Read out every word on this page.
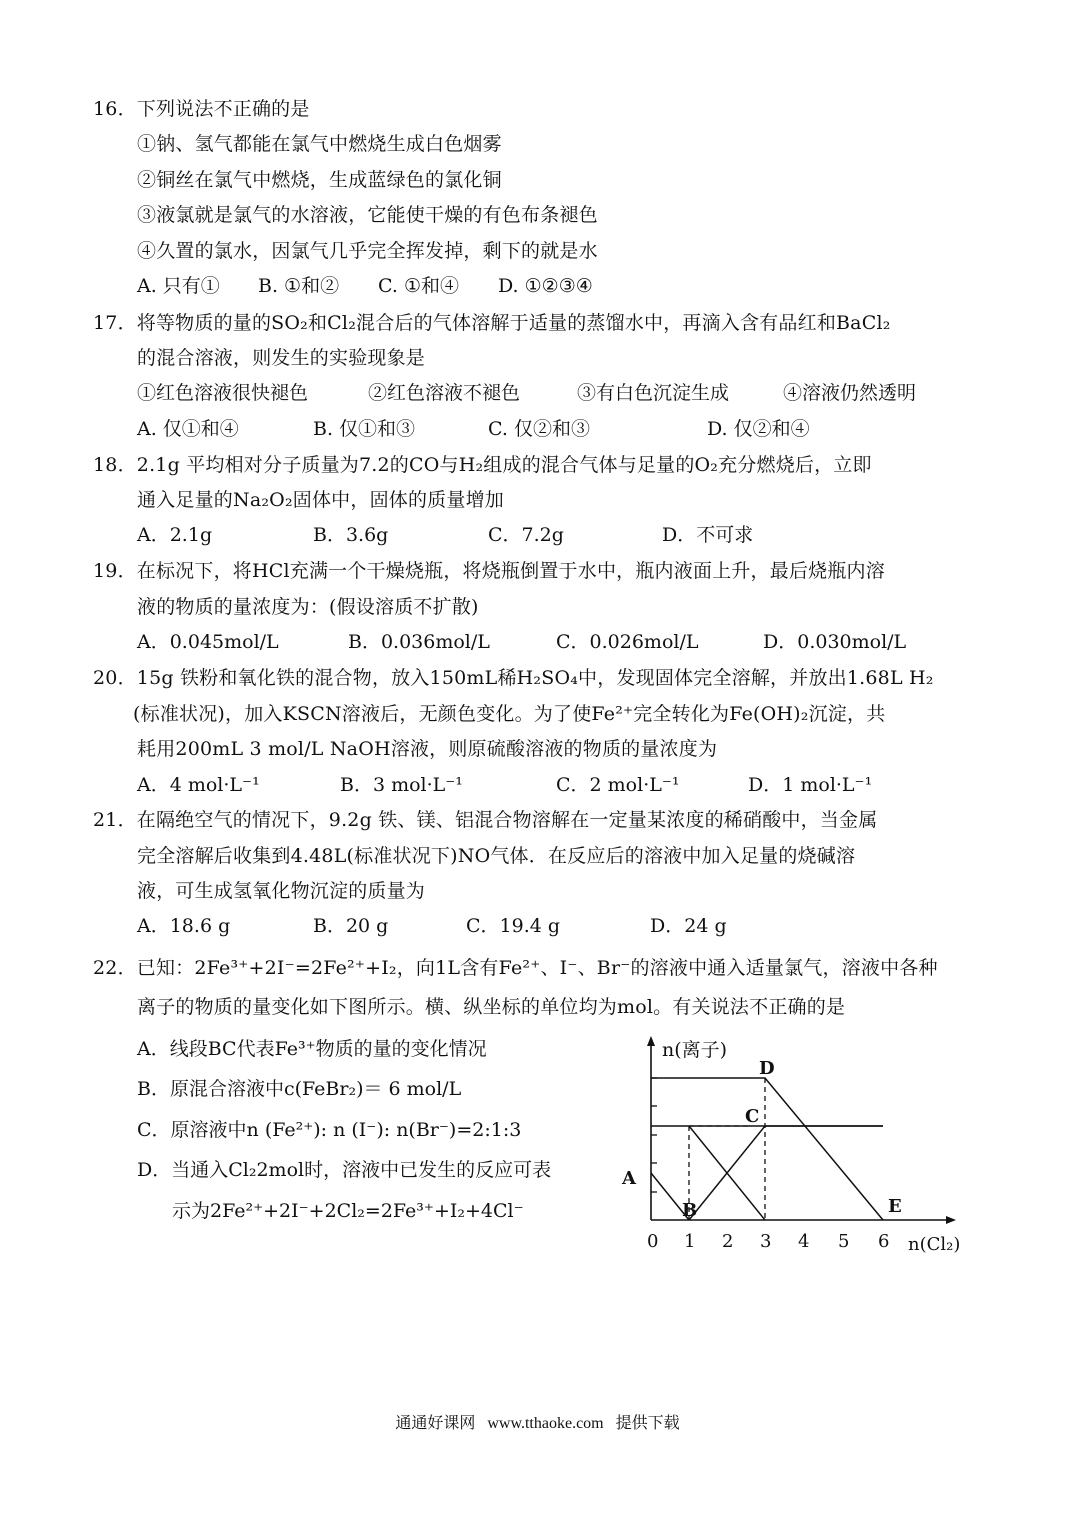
16．下列说法不正确的是
①钠、氢气都能在氯气中燃烧生成白色烟雾
②铜丝在氯气中燃烧，生成蓝绿色的氯化铜
③液氯就是氯气的水溶液，它能使干燥的有色布条褪色
④久置的氯水，因氯气几乎完全挥发掉，剩下的就是水
A. 只有① B. ①和② C. ①和④ D. ①②③④
17．将等物质的量的SO₂和Cl₂混合后的气体溶解于适量的蒸馏水中，再滴入含有品红和BaCl₂
的混合溶液，则发生的实验现象是
①红色溶液很快褪色	②红色溶液不褪色	③有白色沉淀生成	④溶液仍然透明
A. 仅①和④	B. 仅①和③	C. 仅②和③	D. 仅②和④
18．2.1g 平均相对分子质量为7.2的CO与H₂组成的混合气体与足量的O₂充分燃烧后，立即
通入足量的Na₂O₂固体中，固体的质量增加
A．2.1g	B．3.6g	C．7.2g	D．不可求
19．在标况下，将HCl充满一个干燥烧瓶，将烧瓶倒置于水中，瓶内液面上升，最后烧瓶内溶
液的物质的量浓度为：(假设溶质不扩散)
A．0.045mol/L	B．0.036mol/L	C．0.026mol/L	D．0.030mol/L
20．15g 铁粉和氧化铁的混合物，放入150mL稀H₂SO₄中，发现固体完全溶解，并放出1.68L H₂
(标准状况)，加入KSCN溶液后，无颜色变化。为了使Fe²⁺完全转化为Fe(OH)₂沉淀，共
耗用200mL 3 mol/L NaOH溶液，则原硫酸溶液的物质的量浓度为
A．4 mol·L⁻¹	B．3 mol·L⁻¹	C．2 mol·L⁻¹	D．1 mol·L⁻¹
21．在隔绝空气的情况下，9.2g 铁、镁、铝混合物溶解在一定量某浓度的稀硝酸中，当金属
完全溶解后收集到4.48L(标准状况下)NO气体．在反应后的溶液中加入足量的烧碱溶
液，可生成氢氧化物沉淀的质量为
A．18.6 g	B．20 g	C．19.4 g	D．24 g
22．已知：2Fe³⁺+2I⁻=2Fe²⁺+I₂，向1L含有Fe²⁺、I⁻、Br⁻的溶液中通入适量氯气，溶液中各种
离子的物质的量变化如下图所示。横、纵坐标的单位均为mol。有关说法不正确的是
A．线段BC代表Fe³⁺物质的量的变化情况
B．原混合溶液中c(FeBr₂)＝ 6 mol/L
C．原溶液中n (Fe²⁺): n (I⁻): n(Br⁻)=2:1:3
D．当通入Cl₂2mol时，溶液中已发生的反应可表
示为2Fe²⁺+2I⁻+2Cl₂=2Fe³⁺+I₂+4Cl⁻
n(离子)
n(Cl₂)
A
B
C
D
E
0 1 2 3 4 5 6
通通好课网 www.tthaoke.com 提供下载
